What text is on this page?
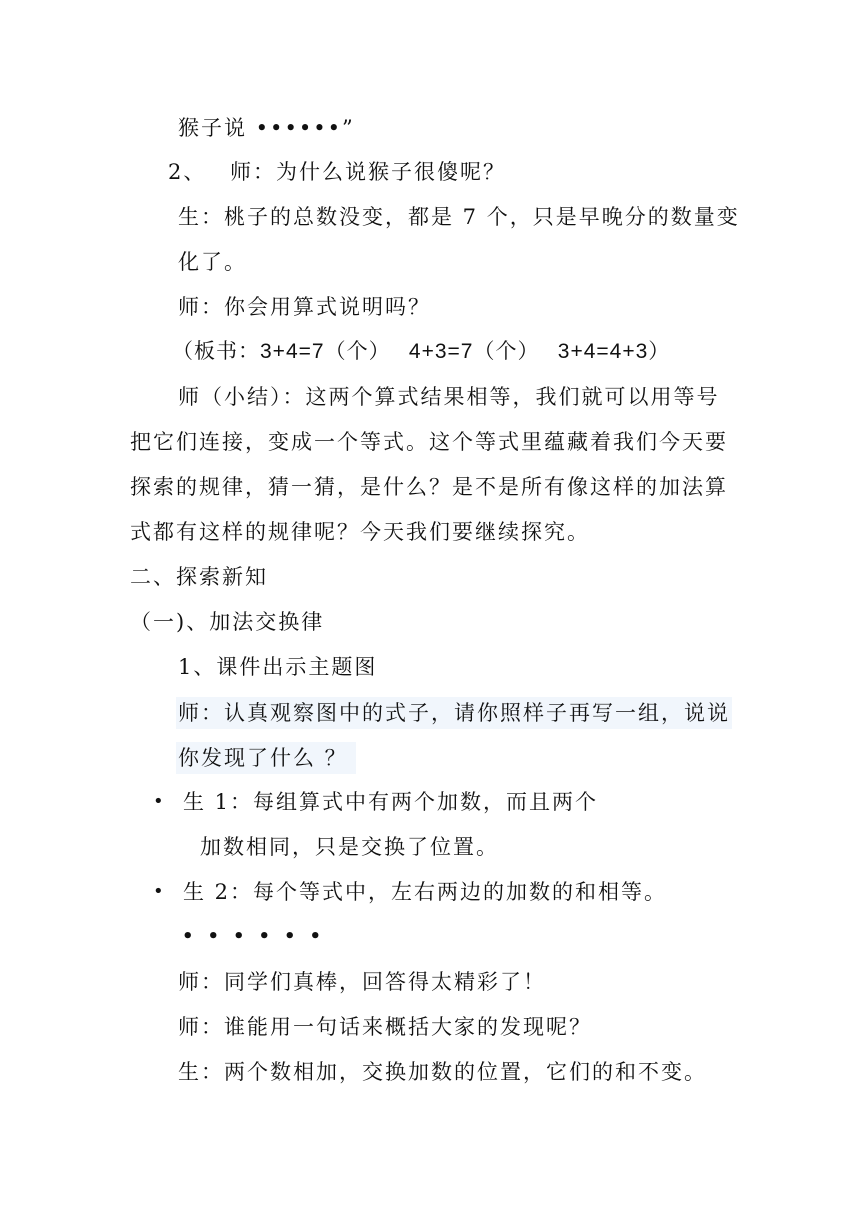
猴子说 ••••••”
2、 师：为什么说猴子很傻呢？
生：桃子的总数没变，都是 7 个，只是早晚分的数量变
化了。
师：你会用算式说明吗？
（板书：3+4=7（个）　 4+3=7（个）　 3+4=4+3）
师（小结）：这两个算式结果相等，我们就可以用等号
把它们连接，变成一个等式。这个等式里蕴藏着我们今天要
探索的规律，猜一猜，是什么？是不是所有像这样的加法算
式都有这样的规律呢？今天我们要继续探究。
二、探索新知
（一)、加法交换律
1、课件出示主题图
师：认真观察图中的式子，请你照样子再写一组，说说
你发现了什么 ？
• 生 1：每组算式中有两个加数，而且两个
加数相同，只是交换了位置。
• 生 2：每个等式中，左右两边的加数的和相等。
••••••
师：同学们真棒，回答得太精彩了！
师：谁能用一句话来概括大家的发现呢？
生：两个数相加，交换加数的位置，它们的和不变。
